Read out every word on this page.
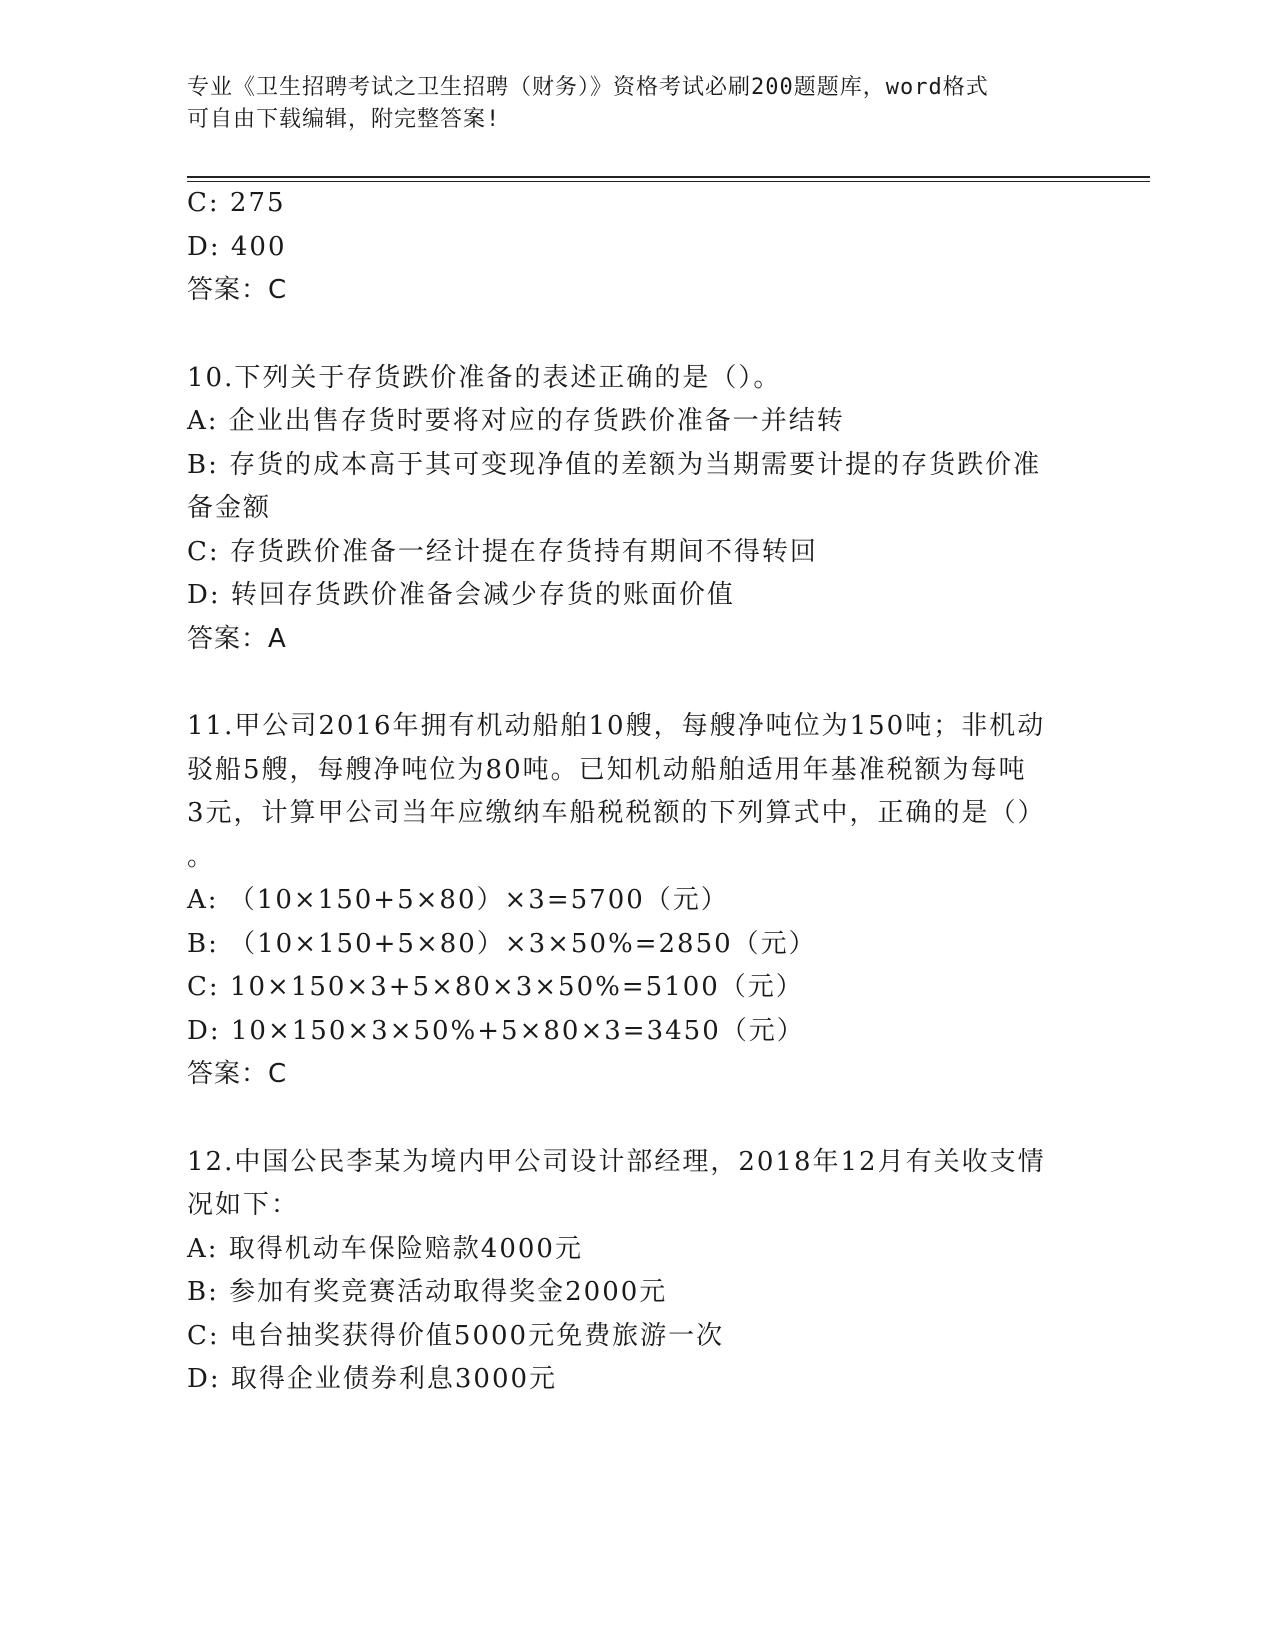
专业《卫生招聘考试之卫生招聘（财务）》资格考试必刷200题题库，word格式
可自由下载编辑，附完整答案!
C: 275
D: 400
答案：C
10.下列关于存货跌价准备的表述正确的是（）。
A: 企业出售存货时要将对应的存货跌价准备一并结转
B: 存货的成本高于其可变现净值的差额为当期需要计提的存货跌价准
备金额
C: 存货跌价准备一经计提在存货持有期间不得转回
D: 转回存货跌价准备会减少存货的账面价值
答案：A
11.甲公司2016年拥有机动船舶10艘，每艘净吨位为150吨；非机动
驳船5艘，每艘净吨位为80吨。已知机动船舶适用年基准税额为每吨
3元，计算甲公司当年应缴纳车船税税额的下列算式中，正确的是（）
。
A: （10×150+5×80）×3=5700（元）
B: （10×150+5×80）×3×50%=2850（元）
C: 10×150×3+5×80×3×50%=5100（元）
D: 10×150×3×50%+5×80×3=3450（元）
答案：C
12.中国公民李某为境内甲公司设计部经理，2018年12月有关收支情
况如下：
A: 取得机动车保险赔款4000元
B: 参加有奖竞赛活动取得奖金2000元
C: 电台抽奖获得价值5000元免费旅游一次
D: 取得企业债券利息3000元
